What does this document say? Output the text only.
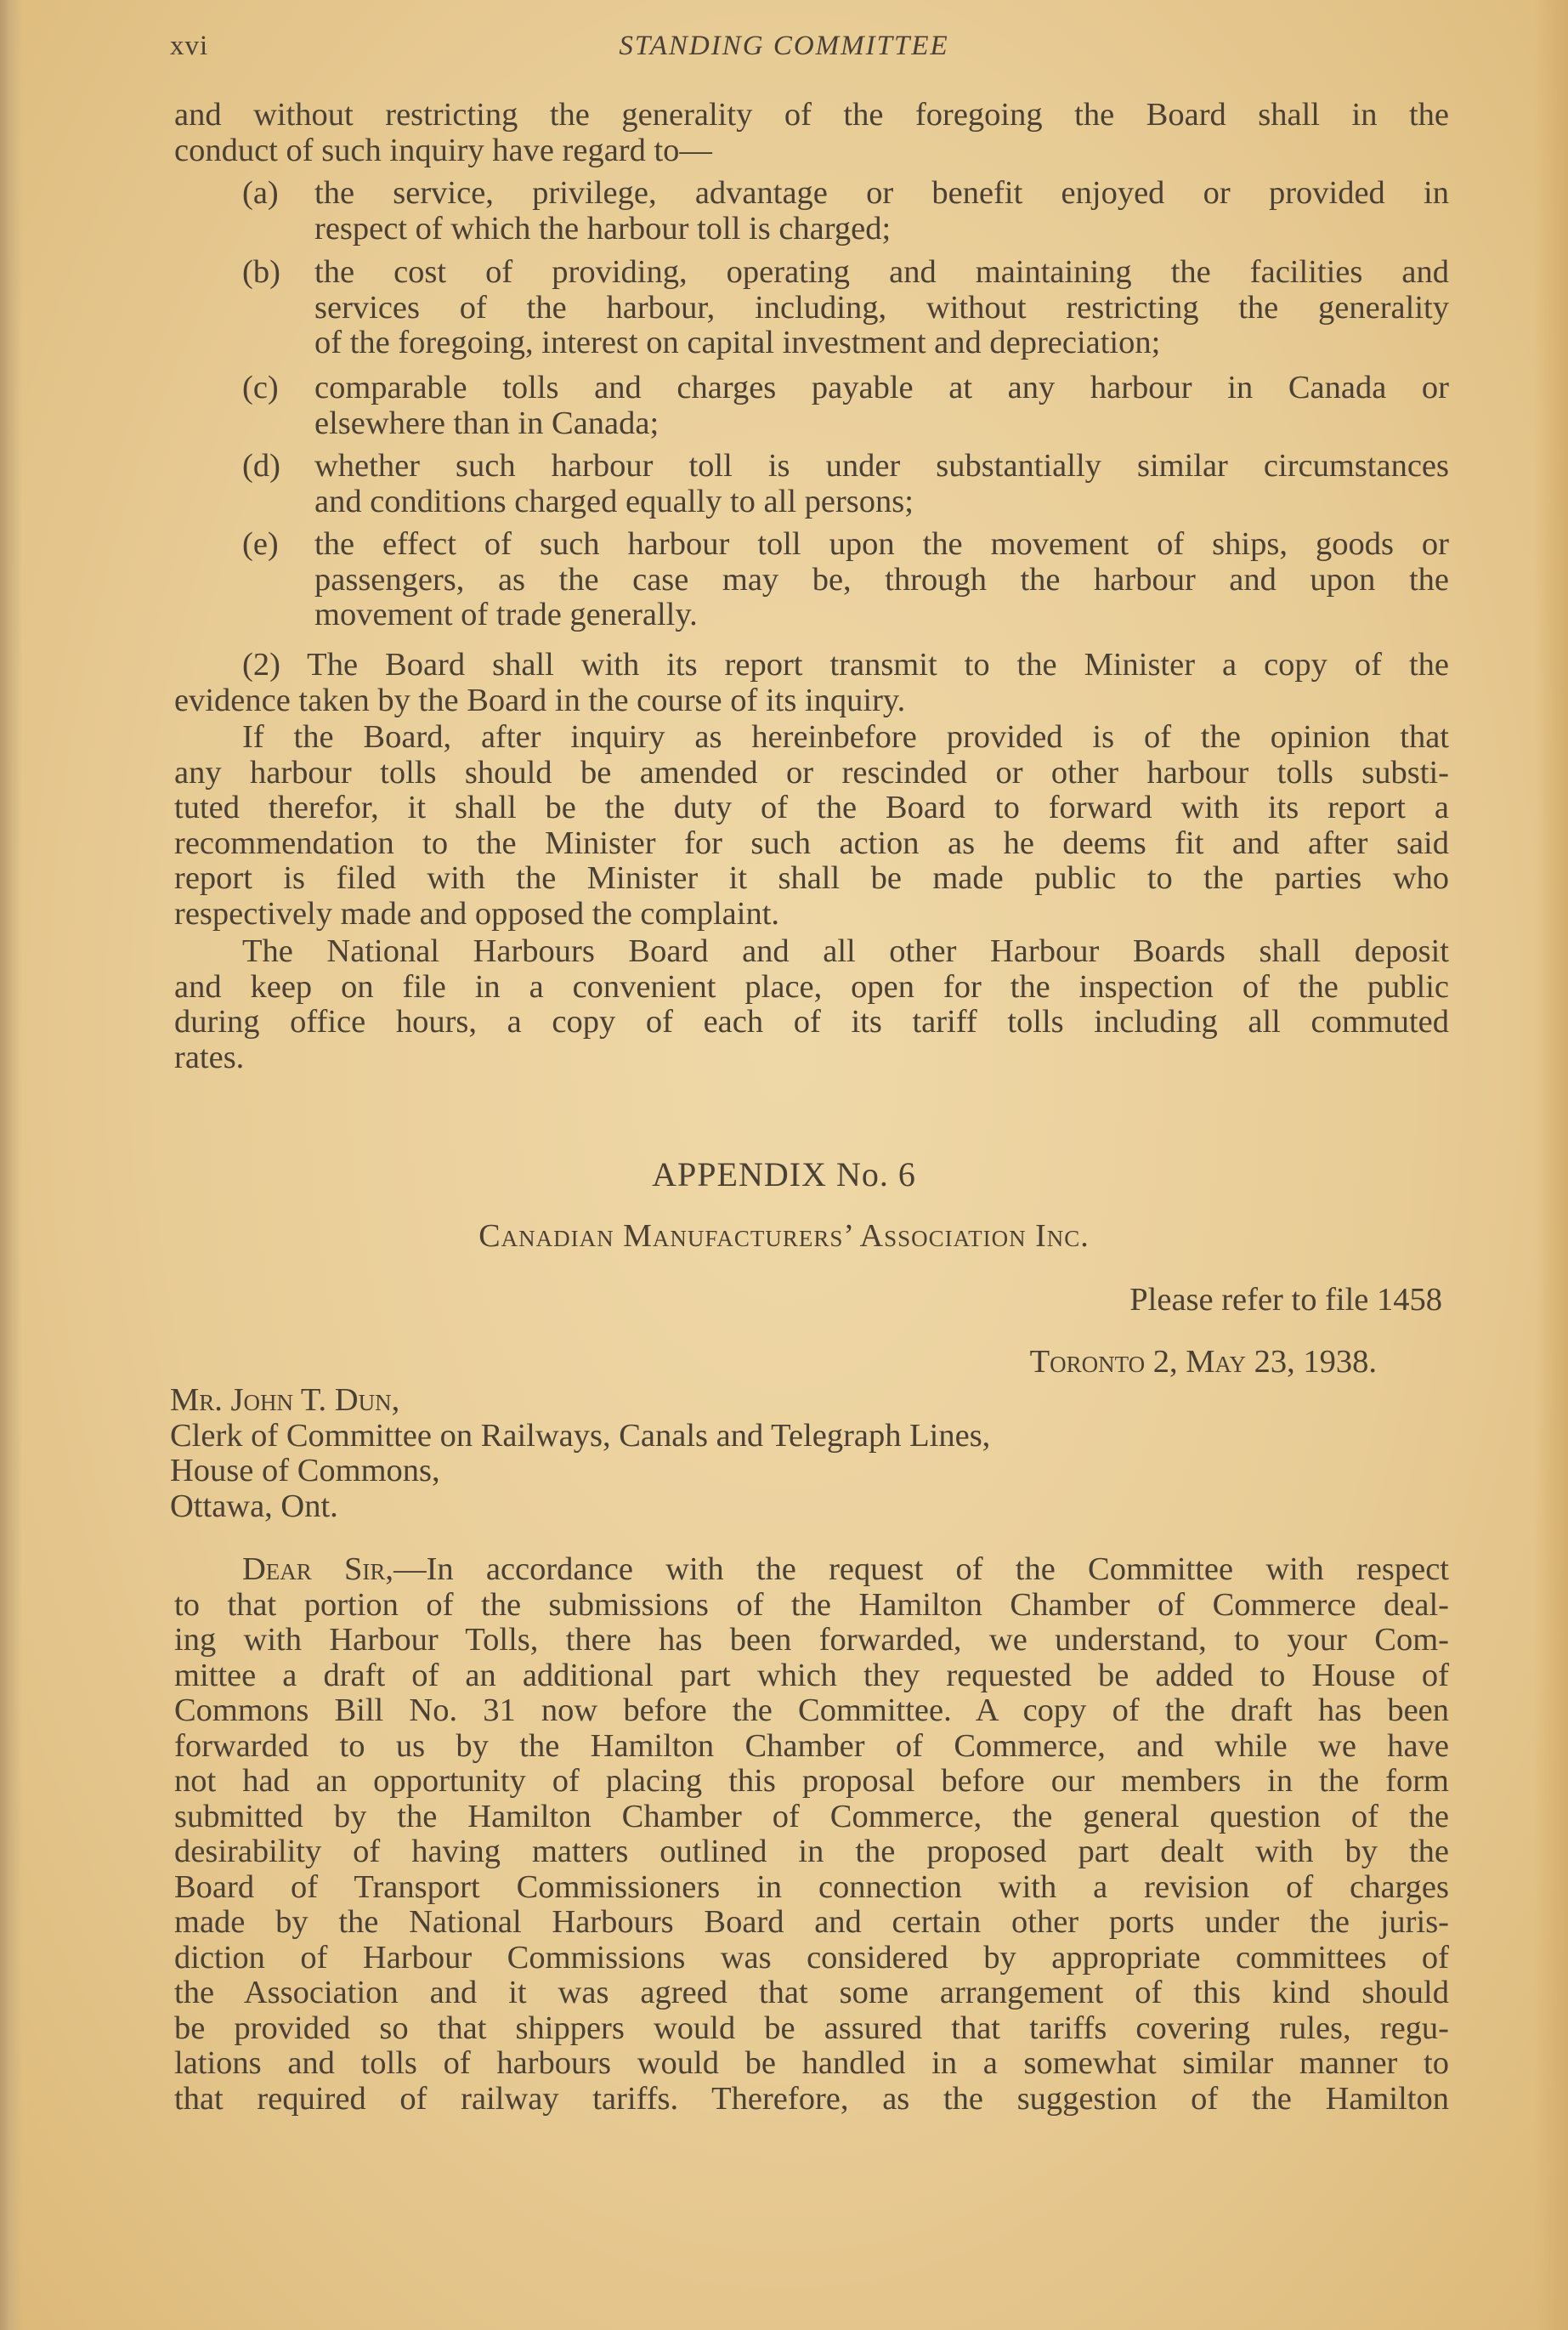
xvi	STANDING COMMITTEE
and without restricting the generality of the foregoing the Board shall in the
conduct of such inquiry have regard to—
(a) the service, privilege, advantage or benefit enjoyed or provided in
respect of which the harbour toll is charged;
(b) the cost of providing, operating and maintaining the facilities and
services of the harbour, including, without restricting the generality
of the foregoing, interest on capital investment and depreciation;
(c) comparable tolls and charges payable at any harbour in Canada or
elsewhere than in Canada;
(d) whether such harbour toll is under substantially similar circumstances
and conditions charged equally to all persons;
(e) the effect of such harbour toll upon the movement of ships, goods or
passengers, as the case may be, through the harbour and upon the
movement of trade generally.
(2) The Board shall with its report transmit to the Minister a copy of the
evidence taken by the Board in the course of its inquiry.
If the Board, after inquiry as hereinbefore provided is of the opinion that
any harbour tolls should be amended or rescinded or other harbour tolls substi-
tuted therefor, it shall be the duty of the Board to forward with its report a
recommendation to the Minister for such action as he deems fit and after said
report is filed with the Minister it shall be made public to the parties who
respectively made and opposed the complaint.
The National Harbours Board and all other Harbour Boards shall deposit
and keep on file in a convenient place, open for the inspection of the public
during office hours, a copy of each of its tariff tolls including all commuted
rates.
APPENDIX No. 6
Canadian Manufacturers’ Association Inc.
Please refer to file 1458
Toronto 2, May 23, 1938.
Mr. John T. Dun,
Clerk of Committee on Railways, Canals and Telegraph Lines,
House of Commons,
Ottawa, Ont.
Dear Sir,—In accordance with the request of the Committee with respect
to that portion of the submissions of the Hamilton Chamber of Commerce deal-
ing with Harbour Tolls, there has been forwarded, we understand, to your Com-
mittee a draft of an additional part which they requested be added to House of
Commons Bill No. 31 now before the Committee. A copy of the draft has been
forwarded to us by the Hamilton Chamber of Commerce, and while we have
not had an opportunity of placing this proposal before our members in the form
submitted by the Hamilton Chamber of Commerce, the general question of the
desirability of having matters outlined in the proposed part dealt with by the
Board of Transport Commissioners in connection with a revision of charges
made by the National Harbours Board and certain other ports under the juris-
diction of Harbour Commissions was considered by appropriate committees of
the Association and it was agreed that some arrangement of this kind should
be provided so that shippers would be assured that tariffs covering rules, regu-
lations and tolls of harbours would be handled in a somewhat similar manner to
that required of railway tariffs. Therefore, as the suggestion of the Hamilton
